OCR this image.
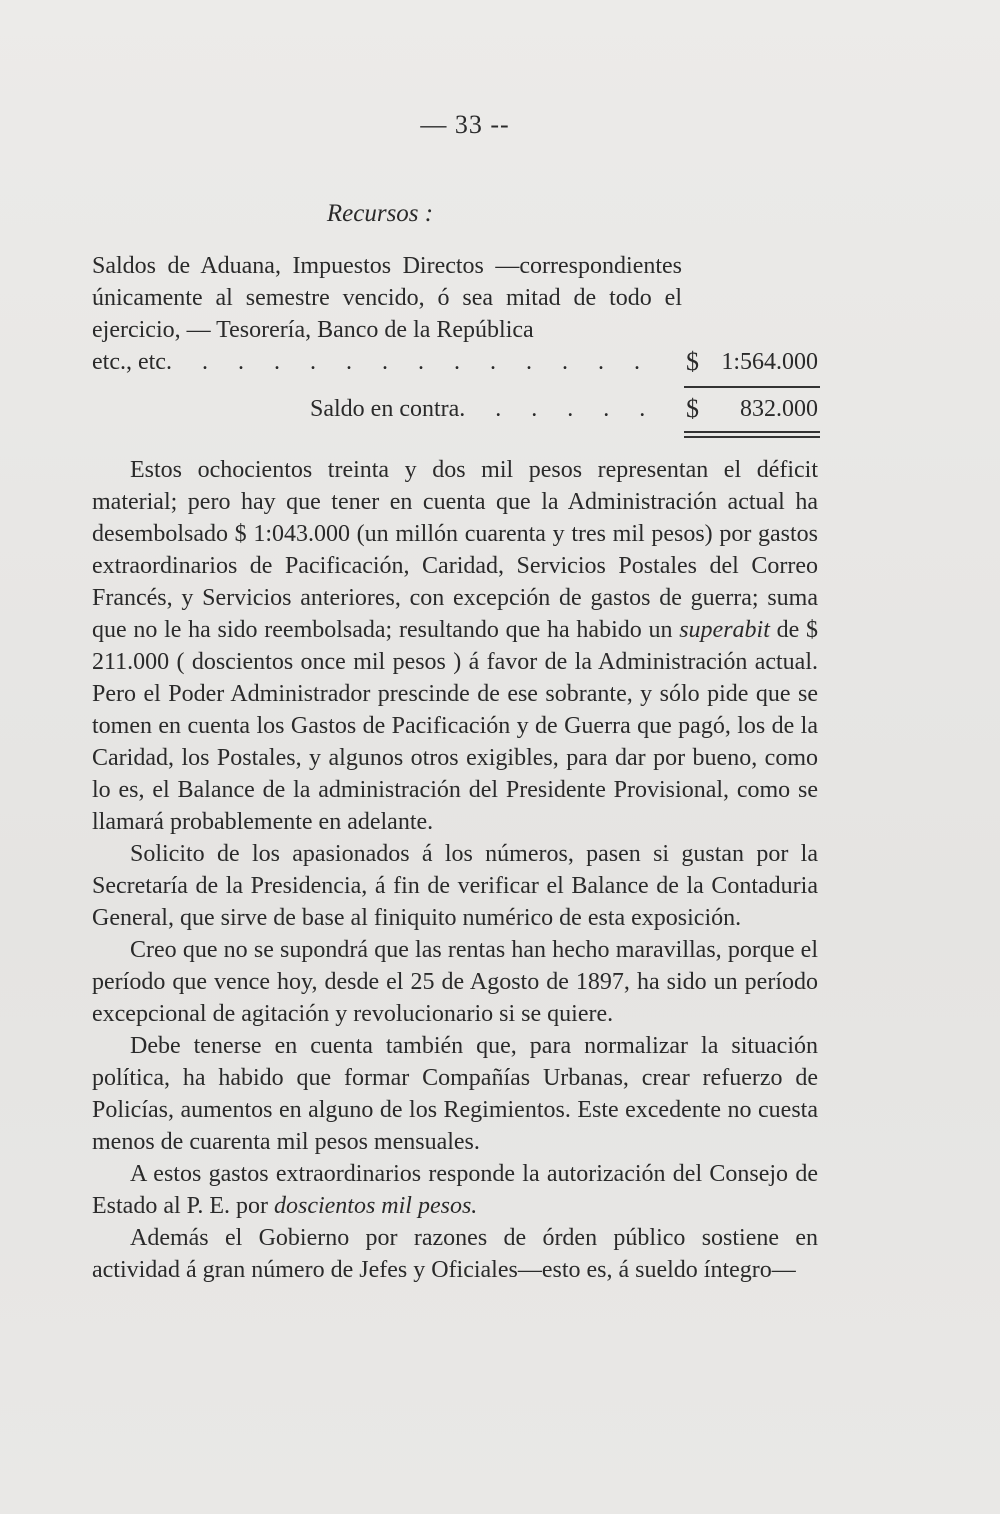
— 33 --
Recursos :

Saldos de Aduana, Impuestos Directos —correspondientes únicamente al semestre vencido, ó sea mitad de todo el ejercicio, — Tesorería, Banco de la República

etc., etc. . . . . . . . . . . . . . $ 1:564.000
Saldo en contra. . . . . .	$	832.000

Estos ochocientos treinta y dos mil pesos representan el déficit material; pero hay que tener en cuenta que la Administración actual ha desembolsado $ 1:043.000 (un millón cuarenta y tres mil pesos) por gastos extraordinarios de Pacificación, Caridad, Servicios Postales del Correo Francés, y Servicios anteriores, con excepción de gastos de guerra; suma que no le ha sido reembolsada; resultando que ha habido un superabit de $ 211.000 ( doscientos once mil pesos ) á favor de la Administración actual. Pero el Poder Administrador prescinde de ese sobrante, y sólo pide que se tomen en cuenta los Gastos de Pacificación y de Guerra que pagó, los de la Caridad, los Postales, y algunos otros exigibles, para dar por bueno, como lo es, el Balance de la administración del Presidente Provisional, como se llamará probablemente en adelante.

Solicito de los apasionados á los números, pasen si gustan por la Secretaría de la Presidencia, á fin de verificar el Balance de la Contaduria General, que sirve de base al finiquito numérico de esta exposición.

Creo que no se supondrá que las rentas han hecho maravillas, porque el período que vence hoy, desde el 25 de Agosto de 1897, ha sido un período excepcional de agitación y revolucionario si se quiere.

Debe tenerse en cuenta también que, para normalizar la situación política, ha habido que formar Compañías Urbanas, crear refuerzo de Policías, aumentos en alguno de los Regimientos. Este excedente no cuesta menos de cuarenta mil pesos mensuales.

A estos gastos extraordinarios responde la autorización del Consejo de Estado al P. E. por doscientos mil pesos.

Además el Gobierno por razones de órden público sostiene en actividad á gran número de Jefes y Oficiales—esto es, á sueldo íntegro—
